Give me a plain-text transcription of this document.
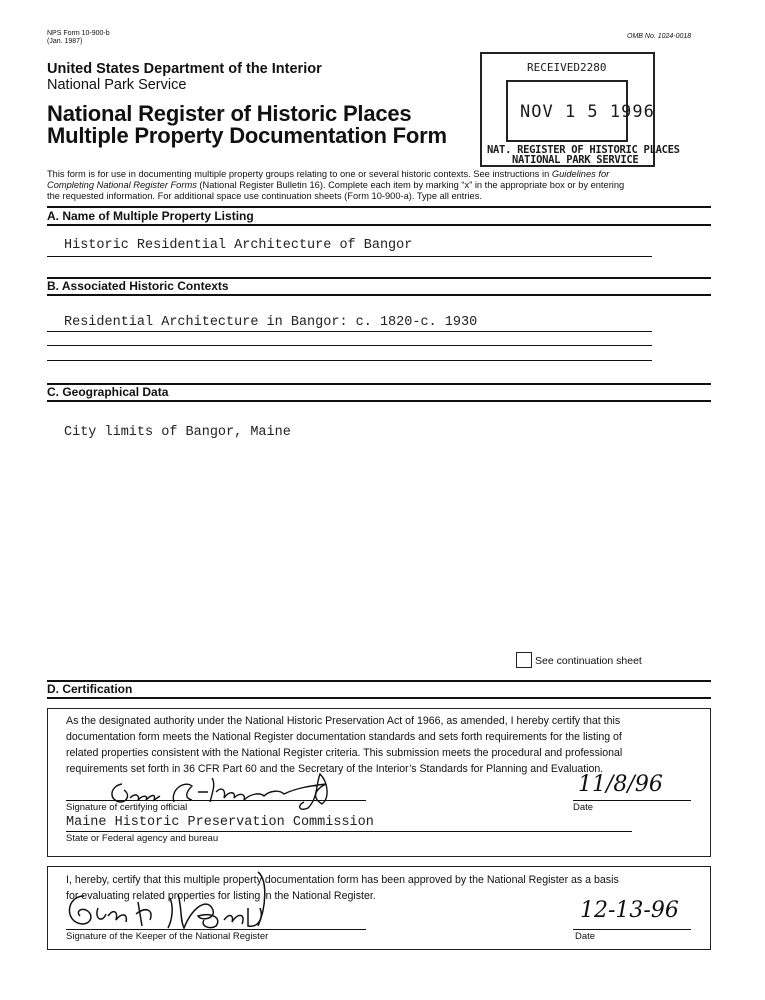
NPS Form 10-900-b
(Jan. 1987)
OMB No. 1024-0018
United States Department of the Interior
National Park Service
National Register of Historic Places
Multiple Property Documentation Form
RECEIVED 2280
NOV 1 5 1996
NAT. REGISTER OF HISTORIC PLACES
NATIONAL PARK SERVICE
This form is for use in documenting multiple property groups relating to one or several historic contexts. See instructions in Guidelines for
Completing National Register Forms (National Register Bulletin 16). Complete each item by marking “x” in the appropriate box or by entering
the requested information. For additional space use continuation sheets (Form 10-900-a). Type all entries.
A. Name of Multiple Property Listing
Historic Residential Architecture of Bangor
B. Associated Historic Contexts
Residential Architecture in Bangor: c. 1820-c. 1930
C. Geographical Data
City limits of Bangor, Maine
See continuation sheet
D. Certification
As the designated authority under the National Historic Preservation Act of 1966, as amended, I hereby certify that this
documentation form meets the National Register documentation standards and sets forth requirements for the listing of
related properties consistent with the National Register criteria. This submission meets the procedural and professional
requirements set forth in 36 CFR Part 60 and the Secretary of the Interior’s Standards for Planning and Evaluation.
Signature of certifying official
11/8/96
Date
Maine Historic Preservation Commission
State or Federal agency and bureau
I, hereby, certify that this multiple property documentation form has been approved by the National Register as a basis
for evaluating related properties for listing in the National Register.
Signature of the Keeper of the National Register
12-13-96
Date
